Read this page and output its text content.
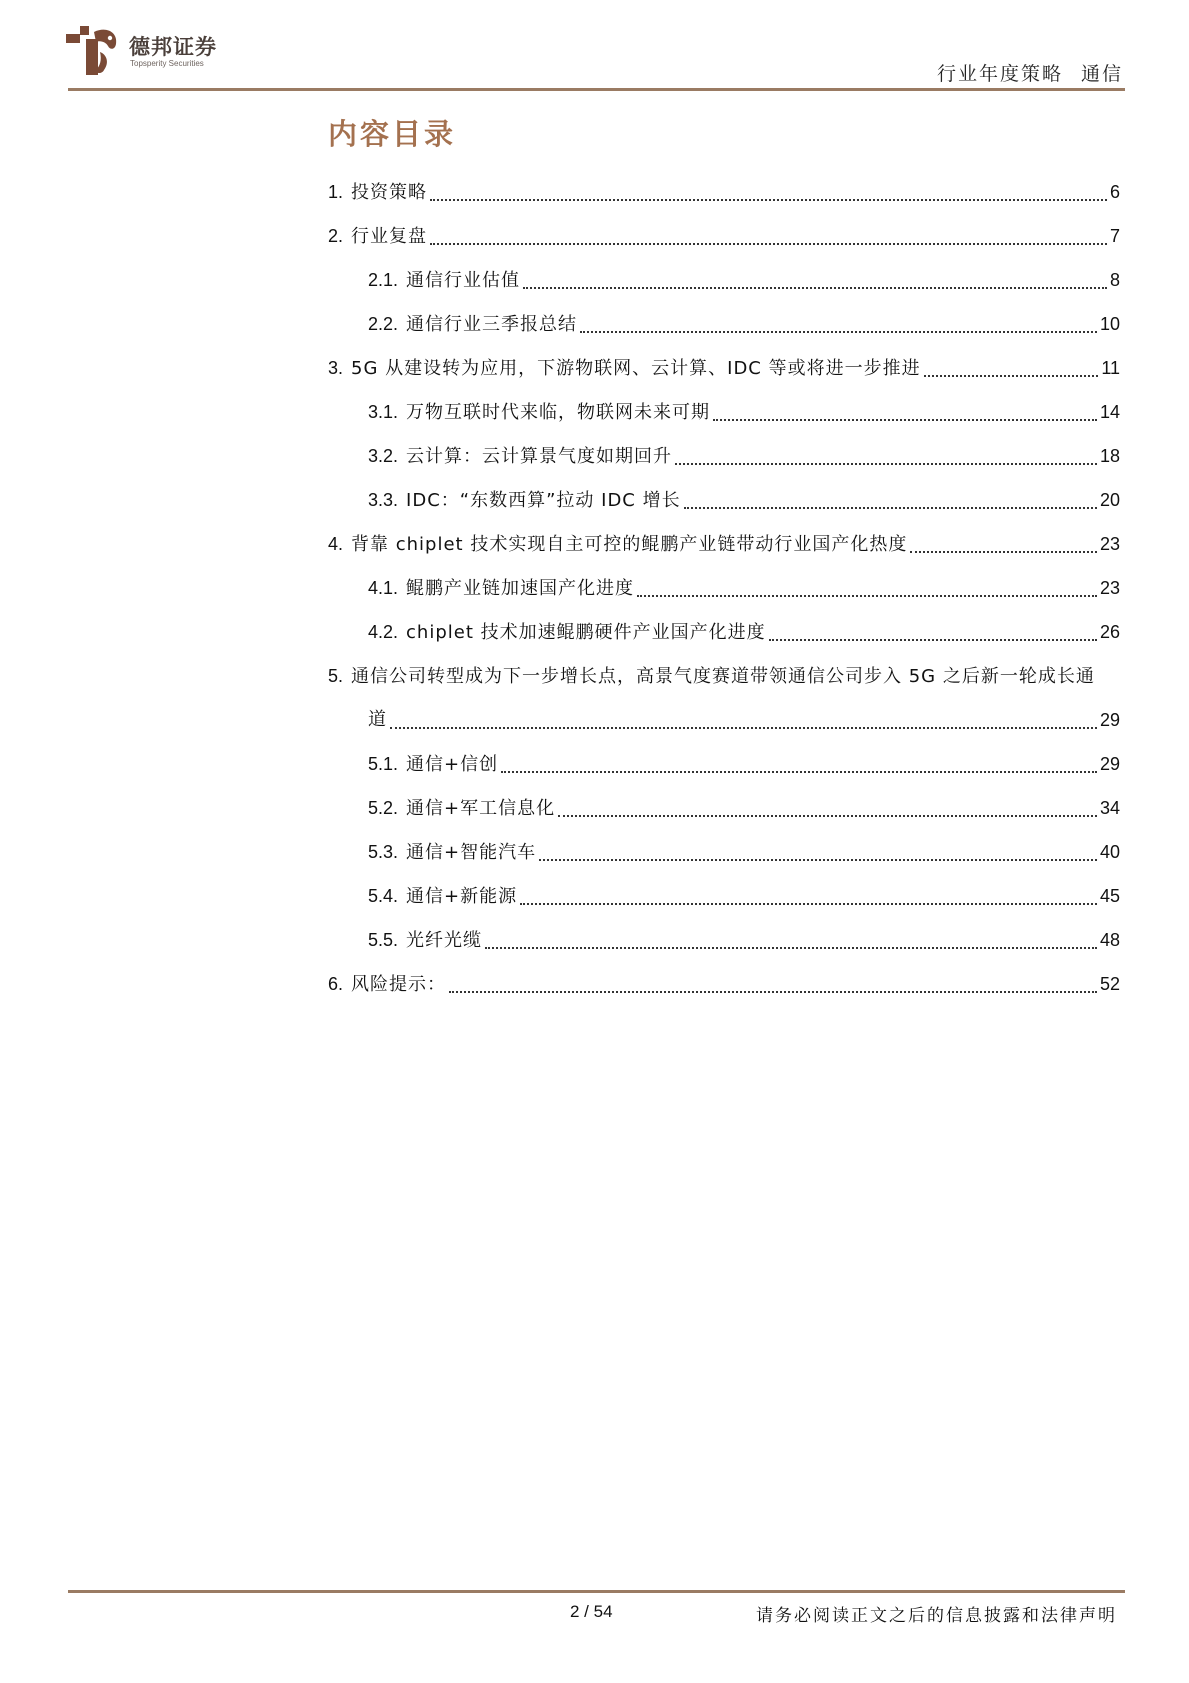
德邦证券
Topsperity Securities	行业年度策略 通信
内容目录
1. 投资策略	6
2. 行业复盘	7
2.1. 通信行业估值	8
2.2. 通信行业三季报总结	10
3. 5G 从建设转为应用，下游物联网、云计算、IDC 等或将进一步推进	11
3.1. 万物互联时代来临，物联网未来可期	14
3.2. 云计算：云计算景气度如期回升	18
3.3. IDC：“东数西算”拉动 IDC 增长	20
4. 背靠 chiplet 技术实现自主可控的鲲鹏产业链带动行业国产化热度	23
4.1. 鲲鹏产业链加速国产化进度	23
4.2. chiplet 技术加速鲲鹏硬件产业国产化进度	26
5. 通信公司转型成为下一步增长点，高景气度赛道带领通信公司步入 5G 之后新一轮成长通
道	29
5.1. 通信+信创	29
5.2. 通信+军工信息化	34
5.3. 通信+智能汽车	40
5.4. 通信+新能源	45
5.5. 光纤光缆	48
6. 风险提示：	52
2 / 54	请务必阅读正文之后的信息披露和法律声明
